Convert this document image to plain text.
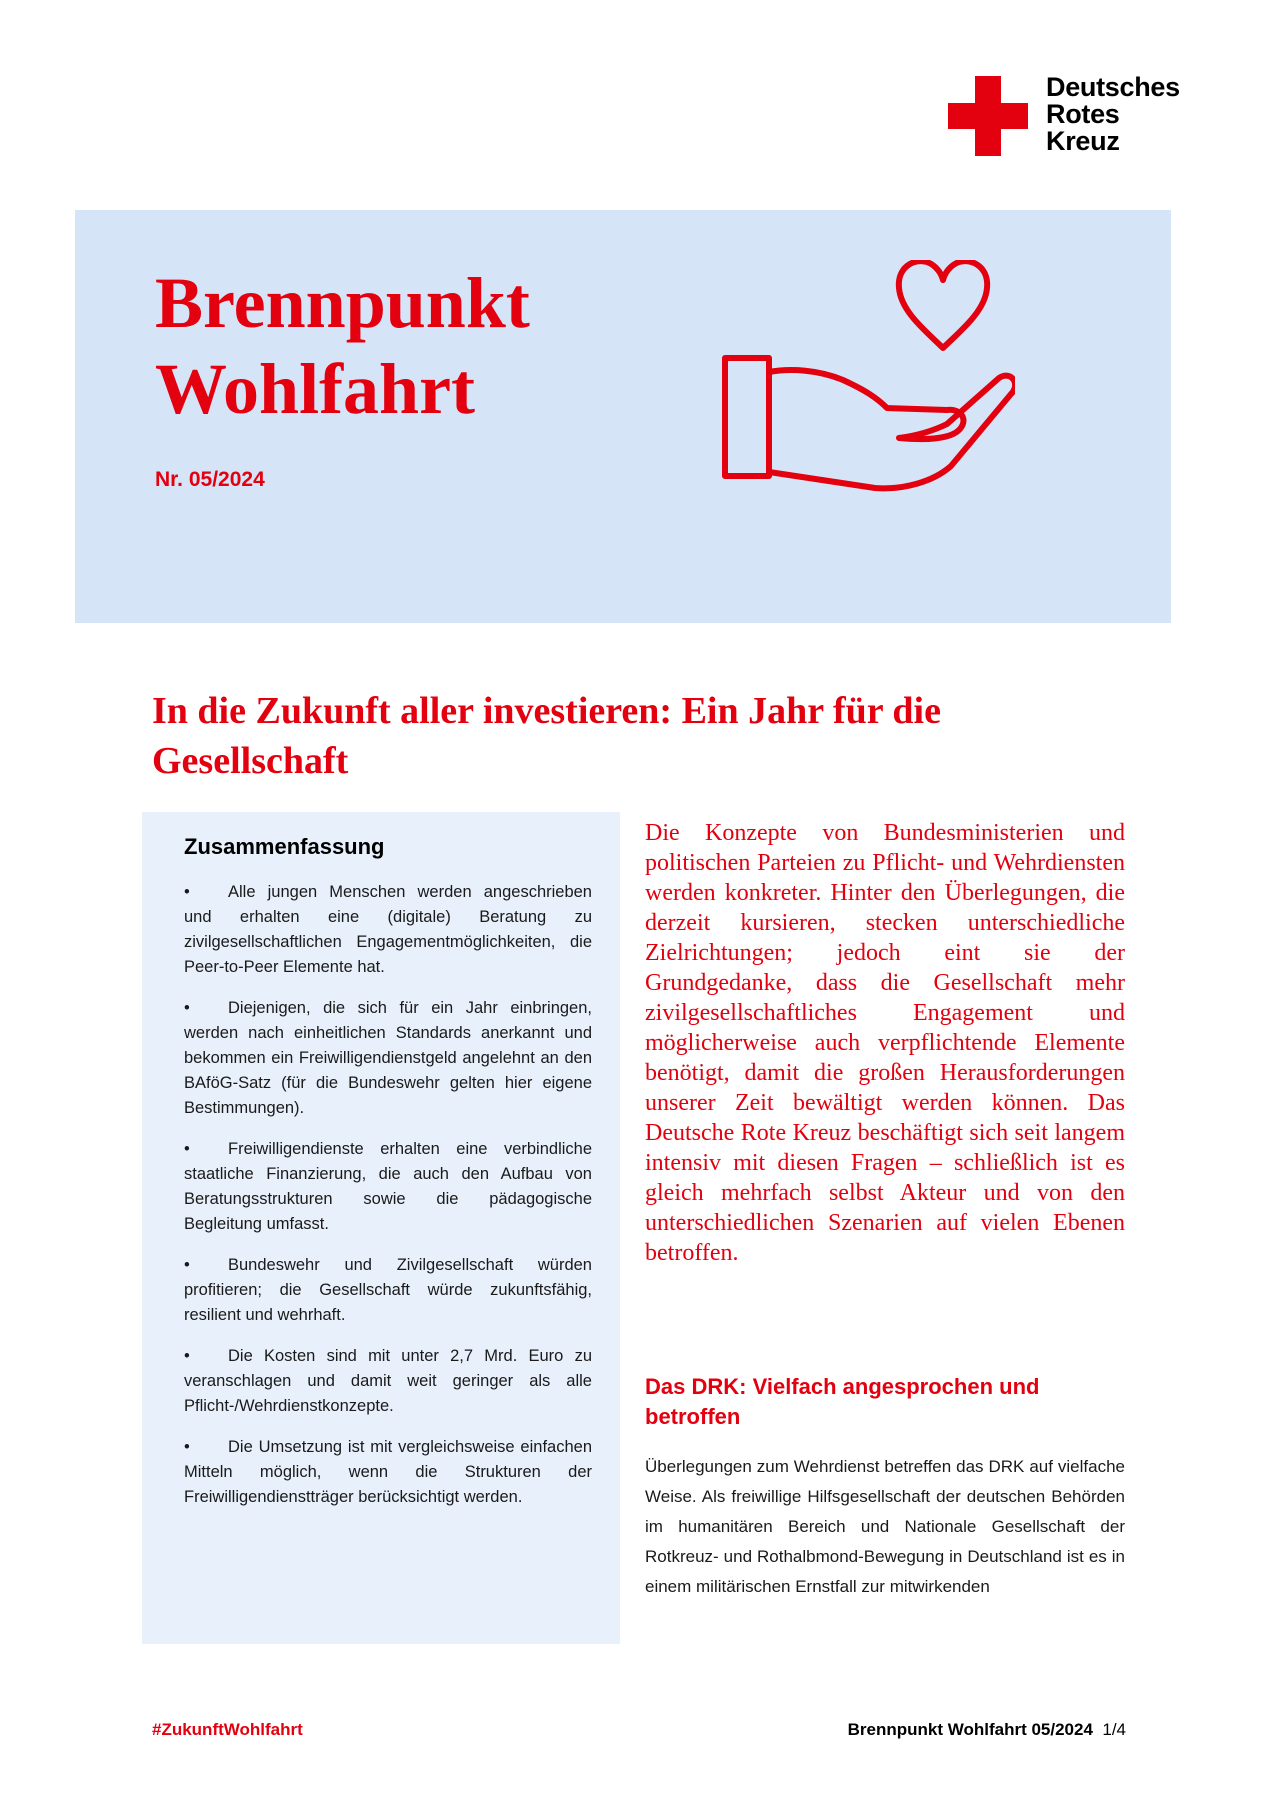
Deutsches
Rotes
Kreuz
Brennpunkt
Wohlfahrt
Nr. 05/2024
In die Zukunft aller investieren: Ein Jahr für die Gesellschaft
Zusammenfassung
• Alle jungen Menschen werden angeschrieben und erhalten eine (digitale) Beratung zu zivilgesellschaftlichen Engagementmöglichkeiten, die Peer-to-Peer Elemente hat.
• Diejenigen, die sich für ein Jahr einbringen, werden nach einheitlichen Standards anerkannt und bekommen ein Freiwilligendienstgeld angelehnt an den BAföG-Satz (für die Bundeswehr gelten hier eigene Bestimmungen).
• Freiwilligendienste erhalten eine verbindliche staatliche Finanzierung, die auch den Aufbau von Beratungsstrukturen sowie die pädagogische Begleitung umfasst.
• Bundeswehr und Zivilgesellschaft würden profitieren; die Gesellschaft würde zukunftsfähig, resilient und wehrhaft.
• Die Kosten sind mit unter 2,7 Mrd. Euro zu veranschlagen und damit weit geringer als alle Pflicht-/Wehrdienstkonzepte.
• Die Umsetzung ist mit vergleichsweise einfachen Mitteln möglich, wenn die Strukturen der Freiwilligendienstträger berücksichtigt werden.
Die Konzepte von Bundesministerien und politischen Parteien zu Pflicht- und Wehrdiensten werden konkreter. Hinter den Überlegungen, die derzeit kursieren, stecken unterschiedliche Zielrichtungen; jedoch eint sie der Grundgedanke, dass die Gesellschaft mehr zivilgesellschaftliches Engagement und möglicherweise auch verpflichtende Elemente benötigt, damit die großen Herausforderungen unserer Zeit bewältigt werden können. Das Deutsche Rote Kreuz beschäftigt sich seit langem intensiv mit diesen Fragen – schließlich ist es gleich mehrfach selbst Akteur und von den unterschiedlichen Szenarien auf vielen Ebenen betroffen.
Das DRK: Vielfach angesprochen und betroffen
Überlegungen zum Wehrdienst betreffen das DRK auf vielfache Weise. Als freiwillige Hilfsgesellschaft der deutschen Behörden im humanitären Bereich und Nationale Gesellschaft der Rotkreuz- und Rothalbmond-Bewegung in Deutschland ist es in einem militärischen Ernstfall zur mitwirkenden
#ZukunftWohlfahrt	Brennpunkt Wohlfahrt 05/2024 1/4
